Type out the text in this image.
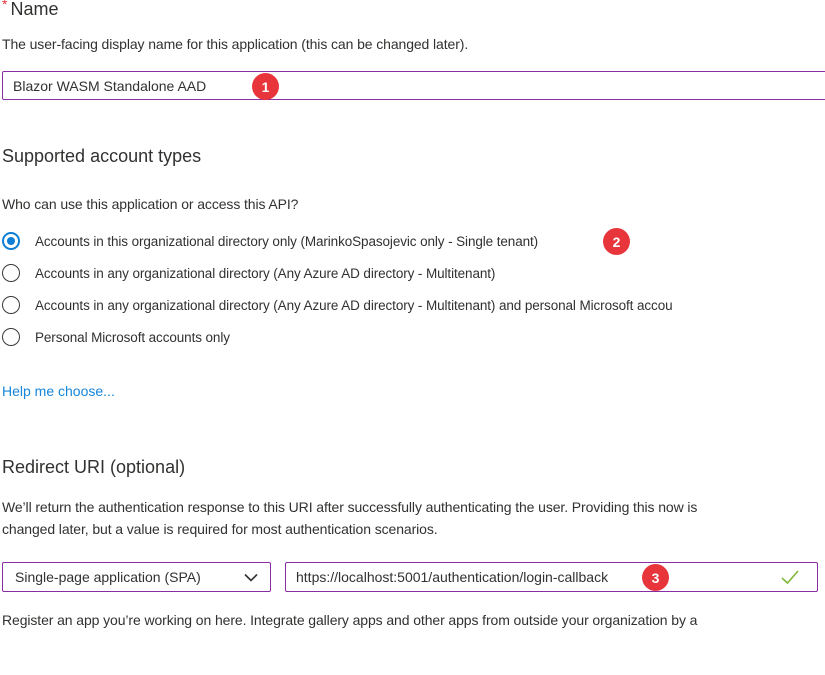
* Name
The user-facing display name for this application (this can be changed later).
Blazor WASM Standalone AAD
1
Supported account types
Who can use this application or access this API?
Accounts in this organizational directory only (MarinkoSpasojevic only - Single tenant)
Accounts in any organizational directory (Any Azure AD directory - Multitenant)
Accounts in any organizational directory (Any Azure AD directory - Multitenant) and personal Microsoft accou
Personal Microsoft accounts only
2
Help me choose...
Redirect URI (optional)
We’ll return the authentication response to this URI after successfully authenticating the user. Providing this now is
changed later, but a value is required for most authentication scenarios.
Single-page application (SPA)
https://localhost:5001/authentication/login-callback	3
Register an app you’re working on here. Integrate gallery apps and other apps from outside your organization by a
